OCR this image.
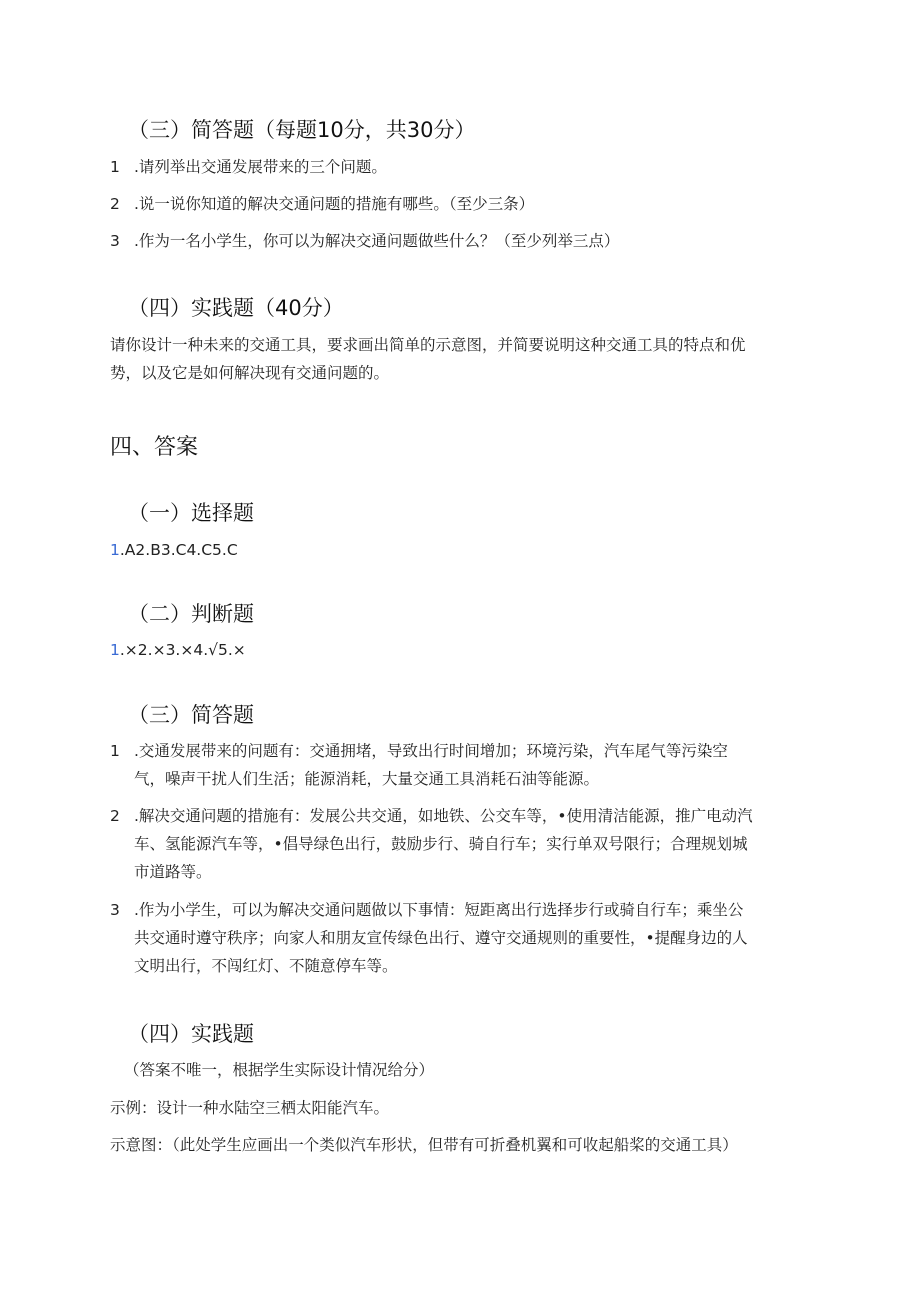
（三）简答题（每题10分，共30分）
1 .请列举出交通发展带来的三个问题。
2 .说一说你知道的解决交通问题的措施有哪些。（至少三条）
3 .作为一名小学生，你可以为解决交通问题做些什么？（至少列举三点）
（四）实践题（40分）
请你设计一种未来的交通工具，要求画出简单的示意图，并简要说明这种交通工具的特点和优
势，以及它是如何解决现有交通问题的。
四、答案
（一）选择题
1.A2.B3.C4.C5.C
（二）判断题
1.×2.×3.×4.√5.×
（三）简答题
1 .交通发展带来的问题有：交通拥堵，导致出行时间增加；环境污染，汽车尾气等污染空
气，噪声干扰人们生活；能源消耗，大量交通工具消耗石油等能源。
2 .解决交通问题的措施有：发展公共交通，如地铁、公交车等，•使用清洁能源，推广电动汽
车、氢能源汽车等，•倡导绿色出行，鼓励步行、骑自行车；实行单双号限行；合理规划城
市道路等。
3 .作为小学生，可以为解决交通问题做以下事情：短距离出行选择步行或骑自行车；乘坐公
共交通时遵守秩序；向家人和朋友宣传绿色出行、遵守交通规则的重要性，•提醒身边的人
文明出行，不闯红灯、不随意停车等。
（四）实践题
（答案不唯一，根据学生实际设计情况给分）
示例：设计一种水陆空三栖太阳能汽车。
示意图：（此处学生应画出一个类似汽车形状，但带有可折叠机翼和可收起船桨的交通工具）
